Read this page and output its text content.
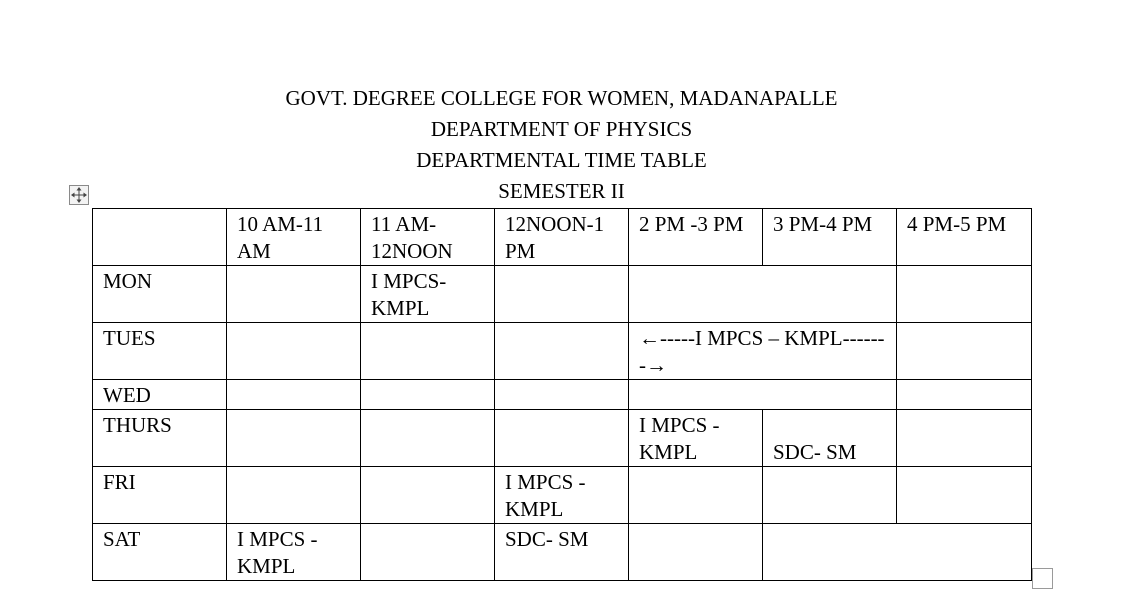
GOVT. DEGREE COLLEGE FOR WOMEN, MADANAPALLE
DEPARTMENT OF PHYSICS
DEPARTMENTAL TIME TABLE
SEMESTER II
	10 AM-11 AM	11 AM-12NOON	12NOON-1 PM	2 PM -3 PM	3 PM-4 PM	4 PM-5 PM
MON		I MPCS- KMPL				
TUES				←-----I MPCS – KMPL-------→		
WED						
THURS				I MPCS - KMPL	SDC- SM	

FRI			I MPCS - KMPL			
SAT	I MPCS - KMPL		SDC- SM			
